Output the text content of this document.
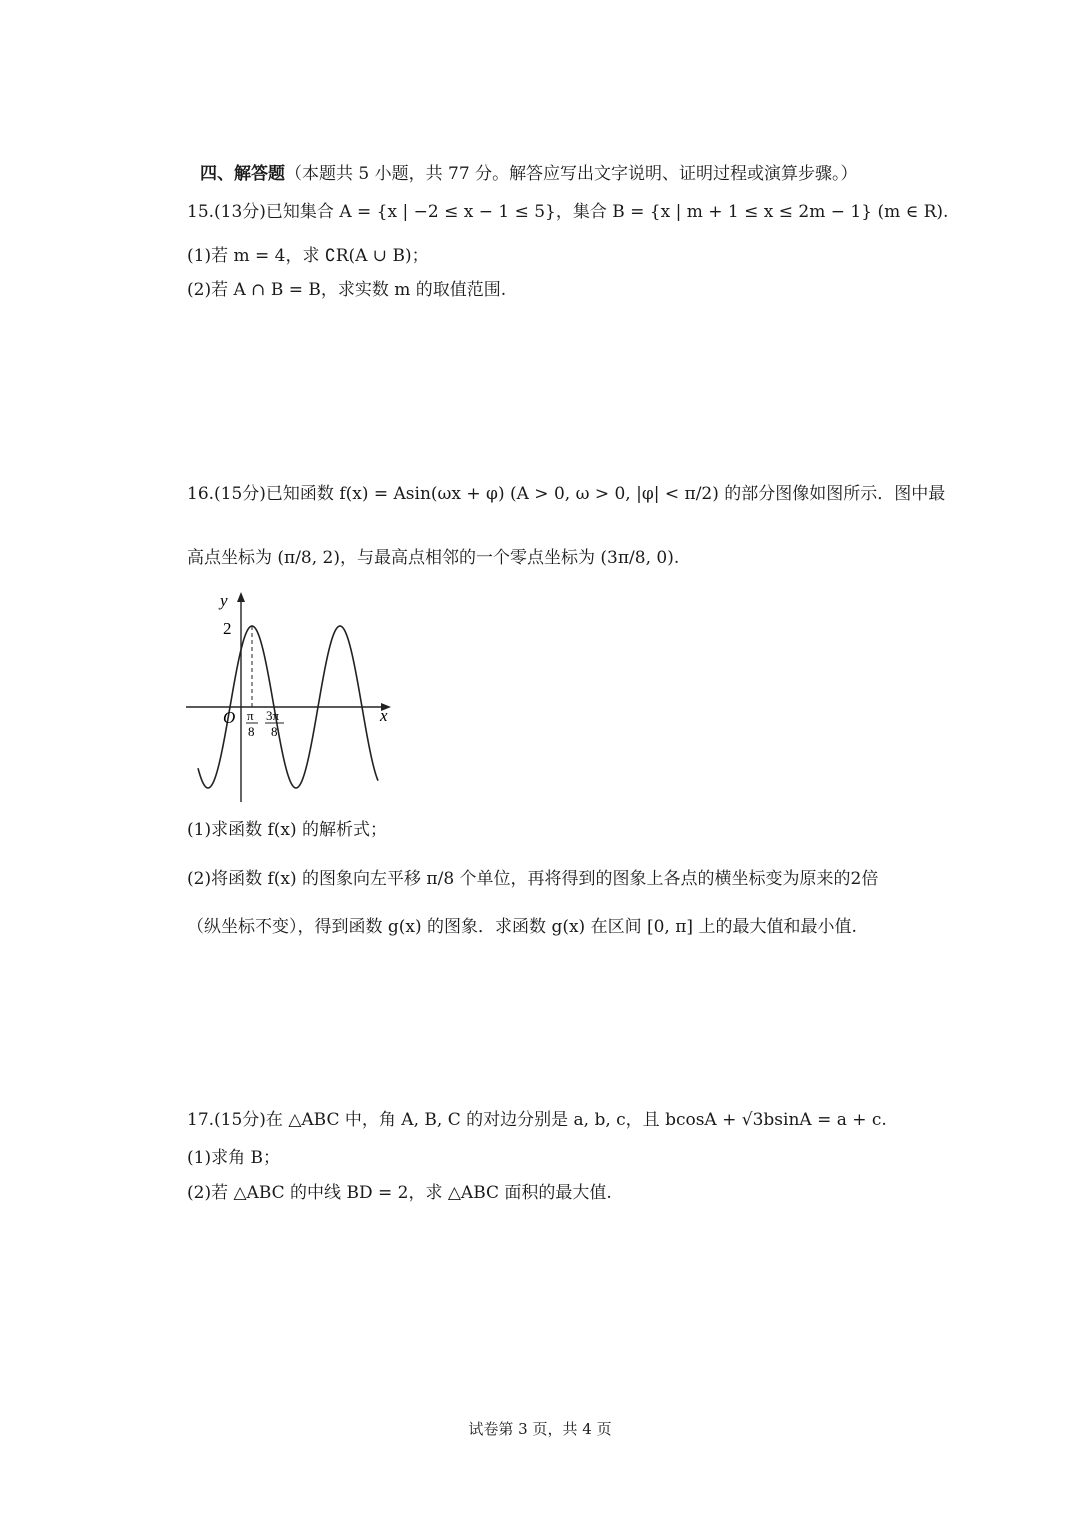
四、解答题（本题共 5 小题，共 77 分。解答应写出文字说明、证明过程或演算步骤。）
15.(13分)已知集合 A = {x | −2 ≤ x − 1 ≤ 5}，集合 B = {x | m + 1 ≤ x ≤ 2m − 1} (m ∈ R).
(1)若 m = 4，求 ∁R(A ∪ B)；
(2)若 A ∩ B = B，求实数 m 的取值范围.
16.(15分)已知函数 f(x) = Asin(ωx + φ) (A > 0, ω > 0, |φ| < π/2) 的部分图像如图所示．图中最
高点坐标为 (π/8, 2)，与最高点相邻的一个零点坐标为 (3π/8, 0).
y
x
2
O π
8
3π
8
(1)求函数 f(x) 的解析式；
(2)将函数 f(x) 的图象向左平移 π/8 个单位，再将得到的图象上各点的横坐标变为原来的2倍
（纵坐标不变），得到函数 g(x) 的图象．求函数 g(x) 在区间 [0, π] 上的最大值和最小值.
17.(15分)在 △ABC 中，角 A, B, C 的对边分别是 a, b, c，且 bcosA + √3bsinA = a + c.
(1)求角 B；
(2)若 △ABC 的中线 BD = 2，求 △ABC 面积的最大值.
试卷第 3 页，共 4 页
